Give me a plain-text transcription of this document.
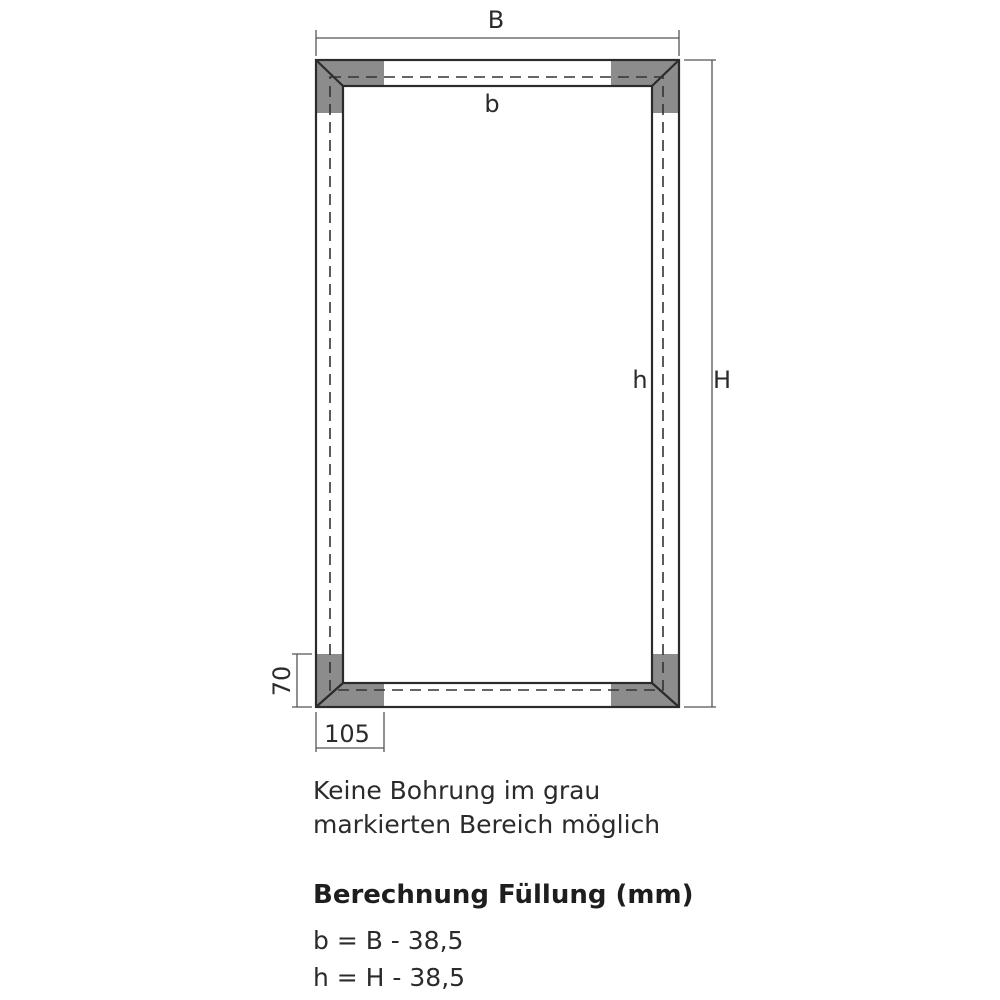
B
b
h	H
70
105
Keine Bohrung im grau
markierten Bereich möglich
Berechnung Füllung (mm)
b = B - 38,5
h = H - 38,5
